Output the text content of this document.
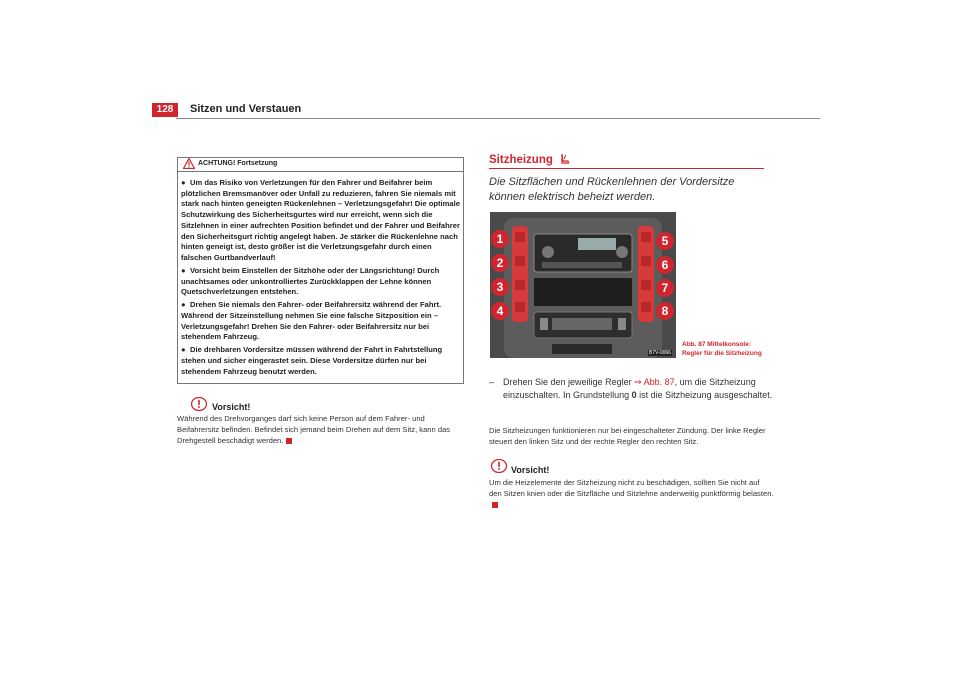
128	Sitzen und Verstauen
ACHTUNG! Fortsetzung

● Um das Risiko von Verletzungen für den Fahrer und Beifahrer beim plötzlichen Bremsmanöver oder Unfall zu reduzieren, fahren Sie niemals mit stark nach hinten geneigten Rückenlehnen – Verletzungsgefahr! Die optimale Schutzwirkung des Sicherheitsgurtes wird nur erreicht, wenn sich die Sitzlehnen in einer aufrechten Position befindet und der Fahrer und Beifahrer den Sicherheitsgurt richtig angelegt haben. Je stärker die Rückenlehne nach hinten geneigt ist, desto größer ist die Verletzungsgefahr durch einen falschen Gurtbandverlauf!

● Vorsicht beim Einstellen der Sitzhöhe oder der Längsrichtung! Durch unachtsames oder unkontrolliertes Zurückklappen der Lehne können Quetschverletzungen entstehen.

● Drehen Sie niemals den Fahrer- oder Beifahrersitz während der Fahrt. Während der Sitzeinstellung nehmen Sie eine falsche Sitzposition ein – Verletzungsgefahr! Drehen Sie den Fahrer- oder Beifahrersitz nur bei stehendem Fahrzeug.

● Die drehbaren Vordersitze müssen während der Fahrt in Fahrtstellung stehen und sicher eingerastet sein. Diese Vordersitze dürfen nur bei stehendem Fahrzeug benutzt werden.

Vorsicht!
Während des Drehvorganges darf sich keine Person auf dem Fahrer- und Beifahrersitz befinden. Befindet sich jemand beim Drehen auf dem Sitz, kann das Drehgestell beschädigt werden.
Sitzheizung
Die Sitzflächen und Rückenlehnen der Vordersitze können elektrisch beheizt werden.
1
2
3
4
5
6
7
8
B7V-0066
Abb. 87 Mittelkonsole:
Regler für die Sitzheizung
– Drehen Sie den jeweilige Regler ⇒ Abb. 87, um die Sitzheizung einzuschalten. In Grundstellung 0 ist die Sitzheizung ausgeschaltet.
Die Sitzheizungen funktionieren nur bei eingeschalteter Zündung. Der linke Regler steuert den linken Sitz und der rechte Regler den rechten Sitz.
Vorsicht!
Um die Heizelemente der Sitzheizung nicht zu beschädigen, sollten Sie nicht auf den Sitzen knien oder die Sitzfläche und Sitzlehne anderweitig punktförmig belasten.
